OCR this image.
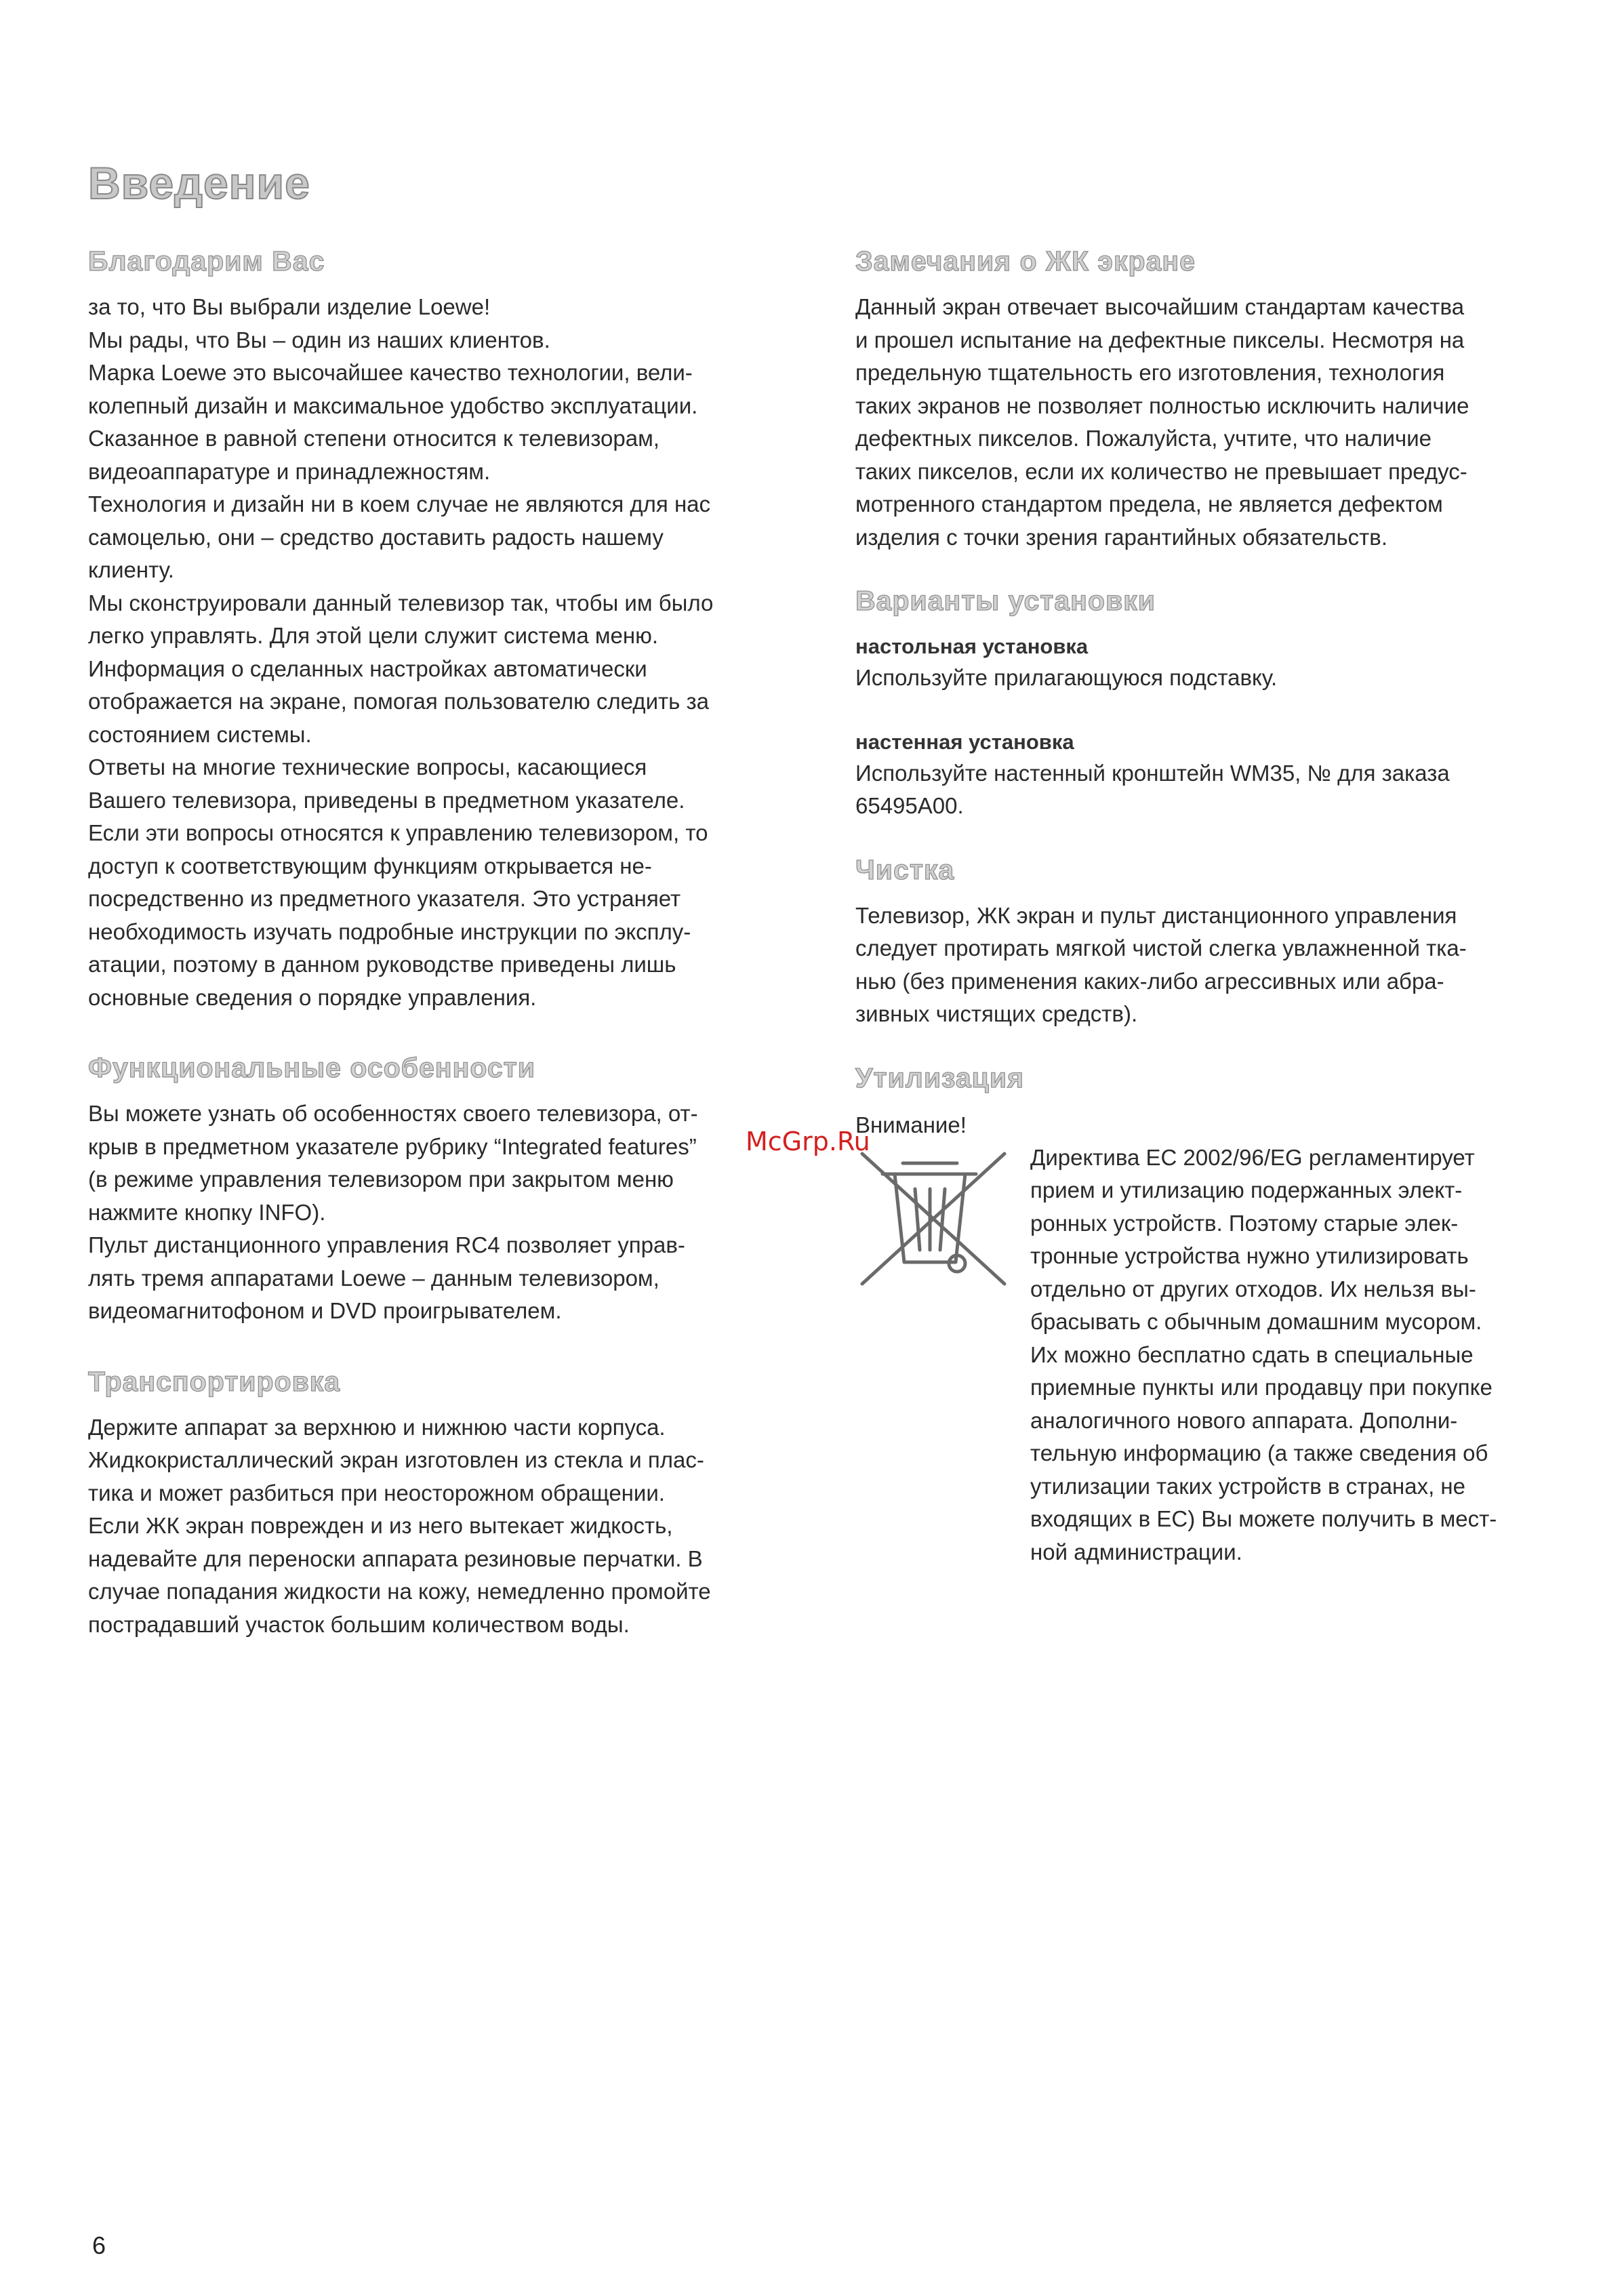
Введение
Благодарим Вас

за то, что Вы выбрали изделие Loewe!
Мы рады, что Вы – один из наших клиентов.
Марка Loewe это высочайшее качество технологии, вели-
колепный дизайн и максимальное удобство эксплуатации.
Сказанное в равной степени относится к телевизорам,
видеоаппаратуре и принадлежностям.
Технология и дизайн ни в коем случае не являются для нас
самоцелью, они – средство доставить радость нашему
клиенту.
Мы сконструировали данный телевизор так, чтобы им было
легко управлять. Для этой цели служит система меню.
Информация о сделанных настройках автоматически
отображается на экране, помогая пользователю следить за
состоянием системы.
Ответы на многие технические вопросы, касающиеся
Вашего телевизора, приведены в предметном указателе.
Если эти вопросы относятся к управлению телевизором, то
доступ к соответствующим функциям открывается не-
посредственно из предметного указателя. Это устраняет
необходимость изучать подробные инструкции по эксплу-
атации, поэтому в данном руководстве приведены лишь
основные сведения о порядке управления.

Функциональные особенности

Вы можете узнать об особенностях своего телевизора, от-
крыв в предметном указателе рубрику “Integrated features”
(в режиме управления телевизором при закрытом меню
нажмите кнопку INFO).
Пульт дистанционного управления RC4 позволяет управ-
лять тремя аппаратами Loewe – данным телевизором,
видеомагнитофоном и DVD проигрывателем.

Транспортировка

Держите аппарат за верхнюю и нижнюю части корпуса.
Жидкокристаллический экран изготовлен из стекла и плас-
тика и может разбиться при неосторожном обращении.
Если ЖК экран поврежден и из него вытекает жидкость,
надевайте для переноски аппарата резиновые перчатки. В
случае попадания жидкости на кожу, немедленно промойте
пострадавший участок большим количеством воды.

Замечания о ЖК экране

Данный экран отвечает высочайшим стандартам качества
и прошел испытание на дефектные пикселы. Несмотря на
предельную тщательность его изготовления, технология
таких экранов не позволяет полностью исключить наличие
дефектных пикселов. Пожалуйста, учтите, что наличие
таких пикселов, если их количество не превышает предус-
мотренного стандартом предела, не является дефектом
изделия с точки зрения гарантийных обязательств.

Варианты установки

настольная установка

Используйте прилагающуюся подставку.

настенная установка

Используйте настенный кронштейн WM35, № для заказа
65495A00.

Чистка

Телевизор, ЖК экран и пульт дистанционного управления
следует протирать мягкой чистой слегка увлажненной тка-
нью (без применения каких-либо агрессивных или абра-
зивных чистящих средств).

Утилизация

Внимание!

Директива ЕС 2002/96/EG регламентирует
прием и утилизацию подержанных элект-
ронных устройств. Поэтому старые элек-
тронные устройства нужно утилизировать
отдельно от других отходов. Их нельзя вы-
брасывать с обычным домашним мусором.
Их можно бесплатно сдать в специальные
приемные пункты или продавцу при покупке
аналогичного нового аппарата. Дополни-
тельную информацию (а также сведения об
утилизации таких устройств в странах, не
входящих в ЕС) Вы можете получить в мест-
ной администрации.

McGrp.Ru

6
